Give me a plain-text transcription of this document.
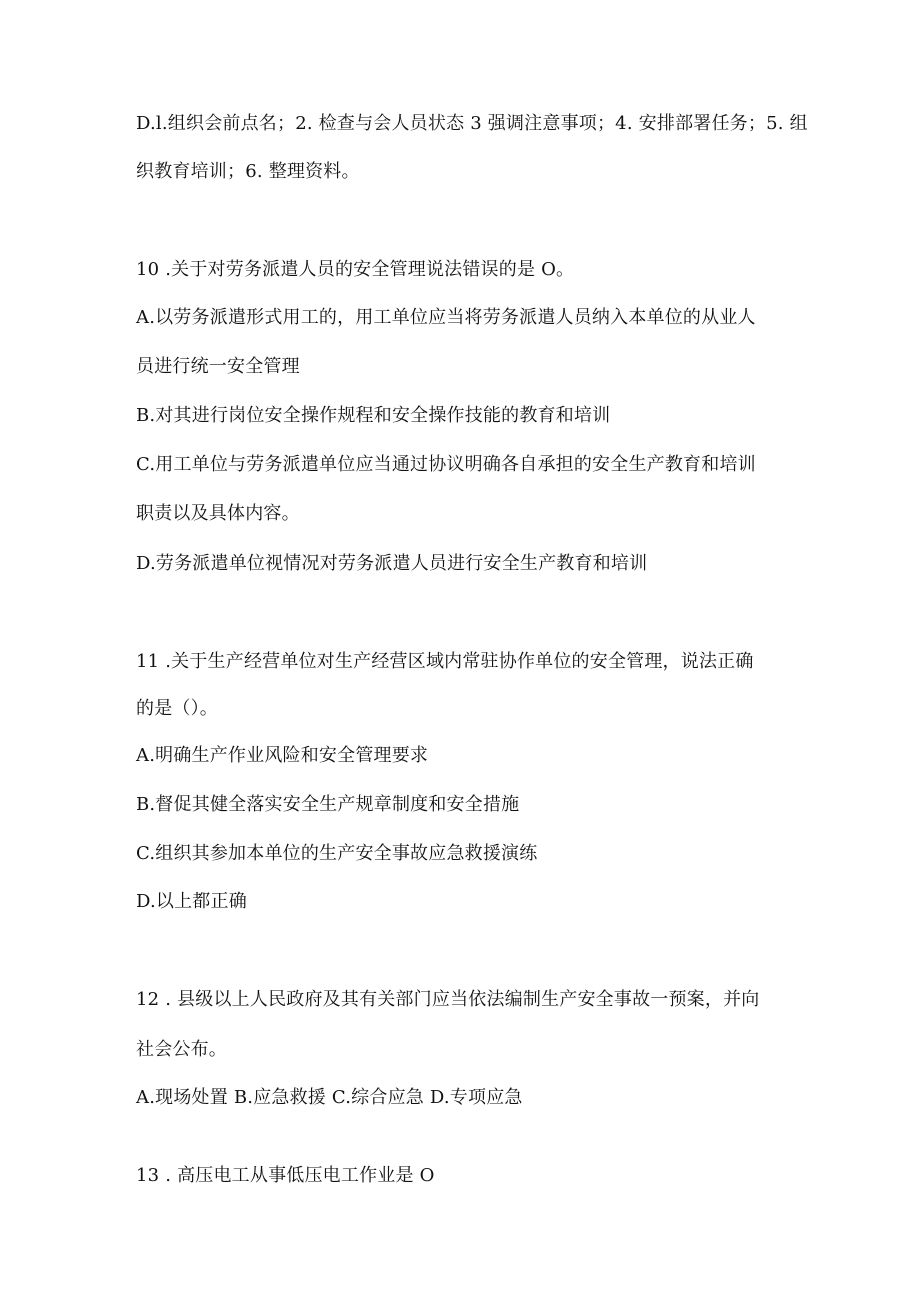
D.l.组织会前点名；2. 检查与会人员状态 3 强调注意事项；4. 安排部署任务；5. 组
织教育培训；6. 整理资料。
10 .关于对劳务派遣人员的安全管理说法错误的是 O。
A.以劳务派遣形式用工的，用工单位应当将劳务派遣人员纳入本单位的从业人
员进行统一安全管理
B.对其进行岗位安全操作规程和安全操作技能的教育和培训
C.用工单位与劳务派遣单位应当通过协议明确各自承担的安全生产教育和培训
职责以及具体内容。
D.劳务派遣单位视情况对劳务派遣人员进行安全生产教育和培训
11 .关于生产经营单位对生产经营区域内常驻协作单位的安全管理，说法正确
的是（）。
A.明确生产作业风险和安全管理要求
B.督促其健全落实安全生产规章制度和安全措施
C.组织其参加本单位的生产安全事故应急救援演练
D.以上都正确
12 . 县级以上人民政府及其有关部门应当依法编制生产安全事故一预案，并向
社会公布。
A.现场处置 B.应急救援 C.综合应急 D.专项应急
13 . 高压电工从事低压电工作业是 O
